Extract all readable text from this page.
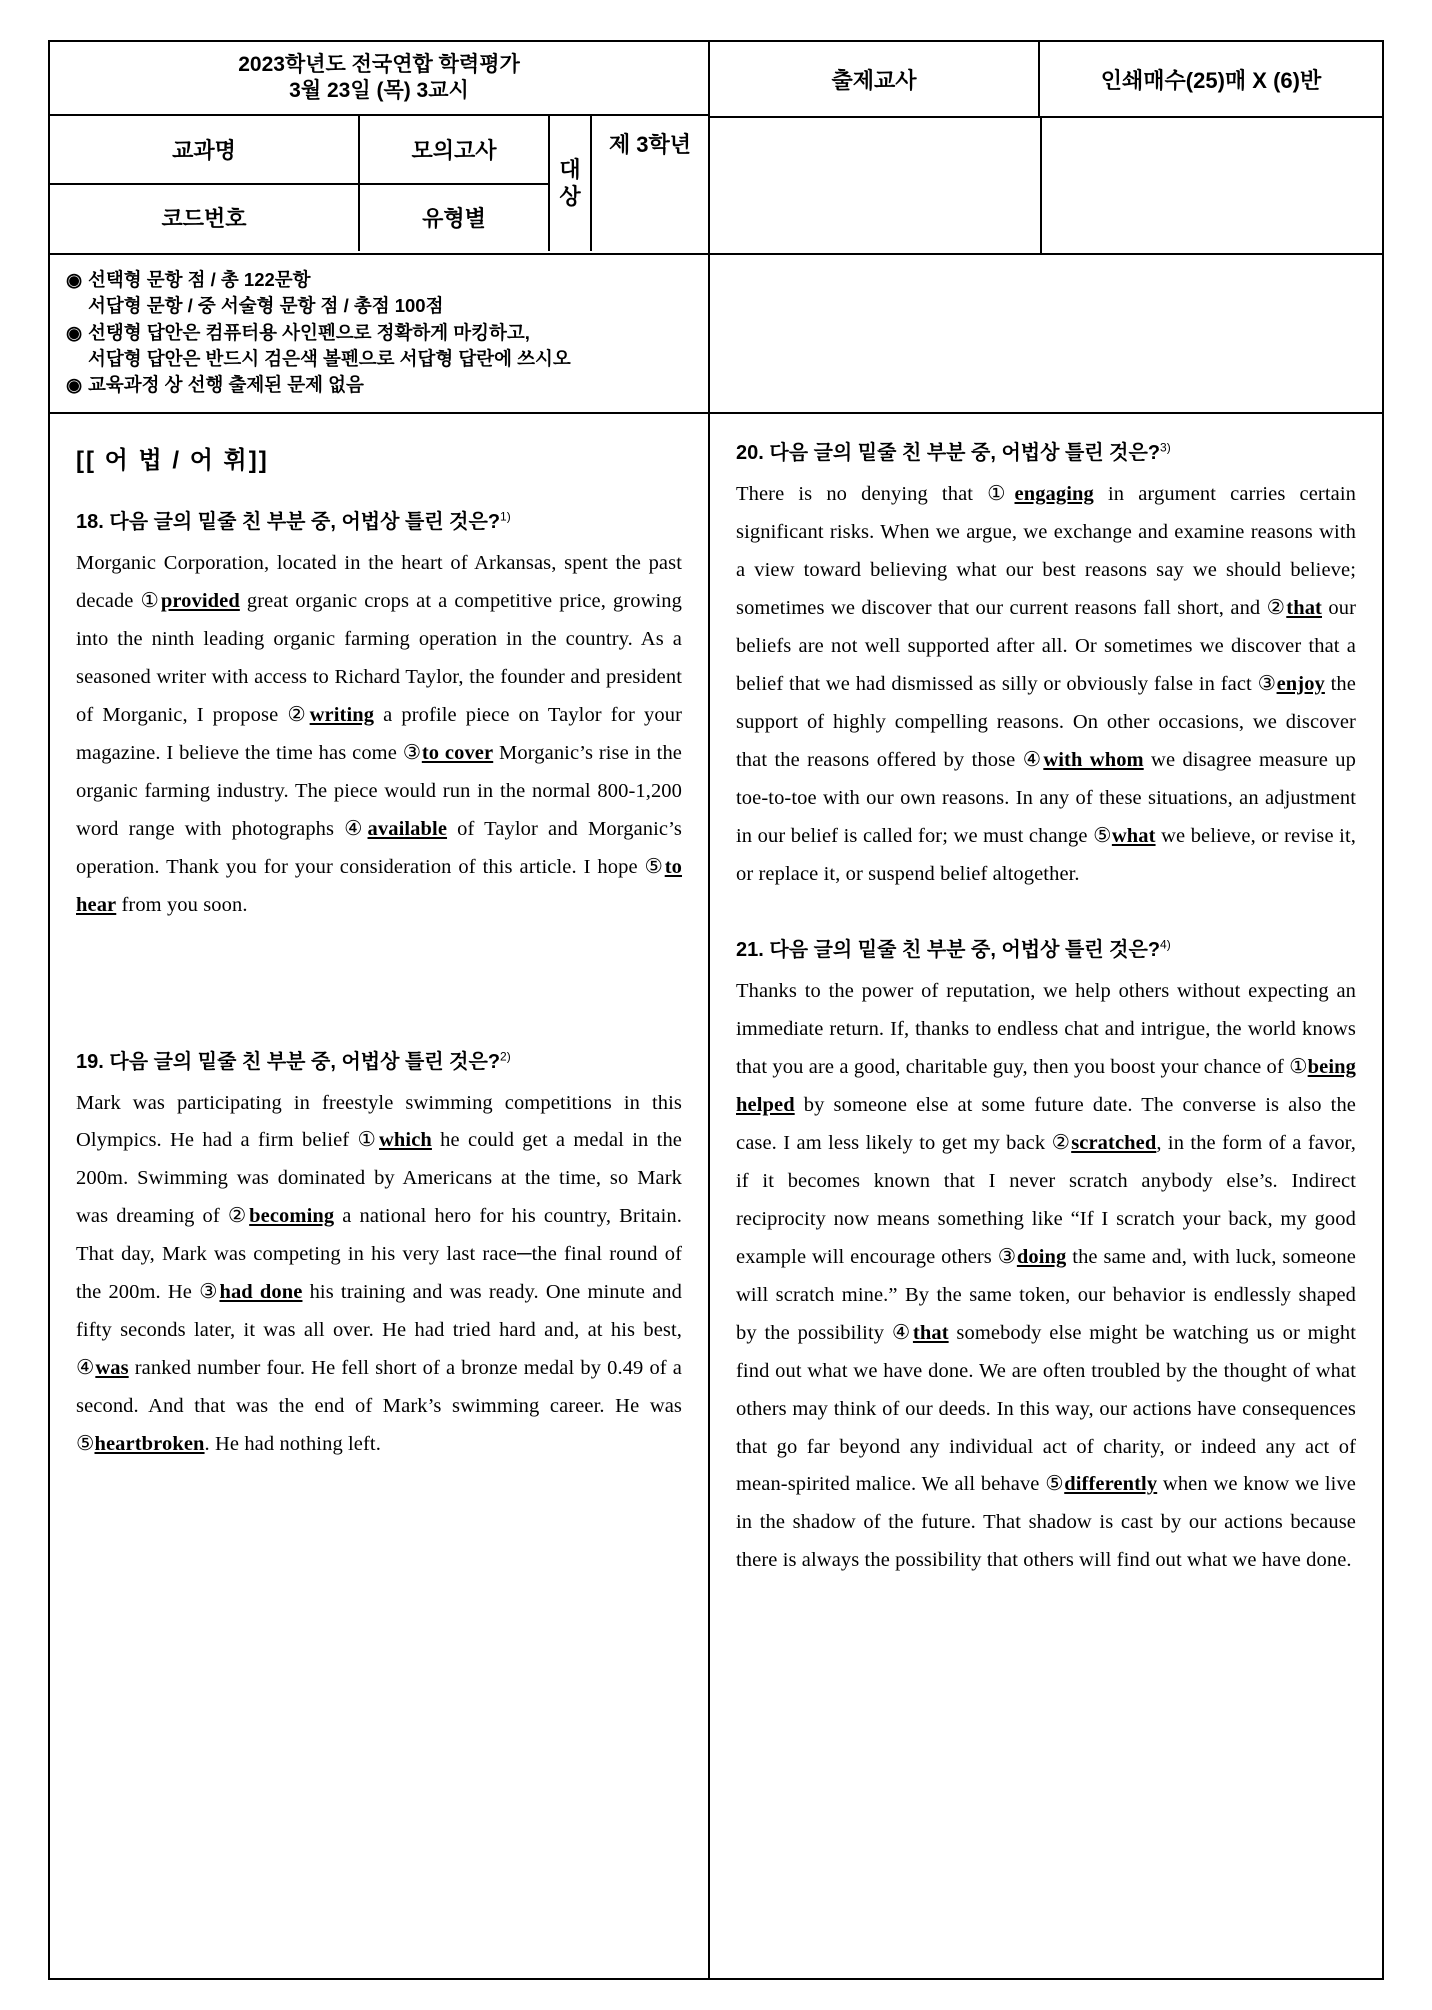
2023학년도 전국연합 학력평가
3월 23일 (목) 3교시
교과명
코드번호
모의고사
유형별
대
상
제 3학년
출제교사	인쇄매수(25)매 X (6)반
◉ 선택형 문항 점 / 총 122문항
서답형 문항 / 중 서술형 문항 점 / 총점 100점
◉ 선탱형 답안은 컴퓨터용 사인펜으로 정확하게 마킹하고,
서답형 답안은 반드시 검은색 볼펜으로 서답형 답란에 쓰시오
◉ 교육과정 상 선행 출제된 문제 없음
[[ 어 법 / 어 휘]]
18. 다음 글의 밑줄 친 부분 중, 어법상 틀린 것은?$^{1)}$
Morganic Corporation, located in the heart of Arkansas, spent the past decade ①provided great organic crops at a competitive price, growing into the ninth leading organic farming operation in the country. As a seasoned writer with access to Richard Taylor, the founder and president of Morganic, I propose ②writing a profile piece on Taylor for your magazine. I believe the time has come ③to cover Morganic’s rise in the organic farming industry. The piece would run in the normal 800-1,200 word range with photographs ④available of Taylor and Morganic’s operation. Thank you for your consideration of this article. I hope ⑤to hear from you soon.
19. 다음 글의 밑줄 친 부분 중, 어법상 틀린 것은?$^{2)}$
Mark was participating in freestyle swimming competitions in this Olympics. He had a firm belief ①which he could get a medal in the 200m. Swimming was dominated by Americans at the time, so Mark was dreaming of ②becoming a national hero for his country, Britain. That day, Mark was competing in his very last race─the final round of the 200m. He ③had done his training and was ready. One minute and fifty seconds later, it was all over. He had tried hard and, at his best, ④was ranked number four. He fell short of a bronze medal by 0.49 of a second. And that was the end of Mark’s swimming career. He was ⑤heartbroken. He had nothing left.
20. 다음 글의 밑줄 친 부분 중, 어법상 틀린 것은?$^{3)}$
There is no denying that ①engaging in argument carries certain significant risks. When we argue, we exchange and examine reasons with a view toward believing what our best reasons say we should believe; sometimes we discover that our current reasons fall short, and ②that our beliefs are not well supported after all. Or sometimes we discover that a belief that we had dismissed as silly or obviously false in fact ③enjoy the support of highly compelling reasons. On other occasions, we discover that the reasons offered by those ④with whom we disagree measure up toe-to-toe with our own reasons. In any of these situations, an adjustment in our belief is called for; we must change ⑤what we believe, or revise it, or replace it, or suspend belief altogether.
21. 다음 글의 밑줄 친 부분 중, 어법상 틀린 것은?$^{4)}$
Thanks to the power of reputation, we help others without expecting an immediate return. If, thanks to endless chat and intrigue, the world knows that you are a good, charitable guy, then you boost your chance of ①being helped by someone else at some future date. The converse is also the case. I am less likely to get my back ②scratched, in the form of a favor, if it becomes known that I never scratch anybody else’s. Indirect reciprocity now means something like “If I scratch your back, my good example will encourage others ③doing the same and, with luck, someone will scratch mine.” By the same token, our behavior is endlessly shaped by the possibility ④that somebody else might be watching us or might find out what we have done. We are often troubled by the thought of what others may think of our deeds. In this way, our actions have consequences that go far beyond any individual act of charity, or indeed any act of mean-spirited malice. We all behave ⑤differently when we know we live in the shadow of the future. That shadow is cast by our actions because there is always the possibility that others will find out what we have done.
